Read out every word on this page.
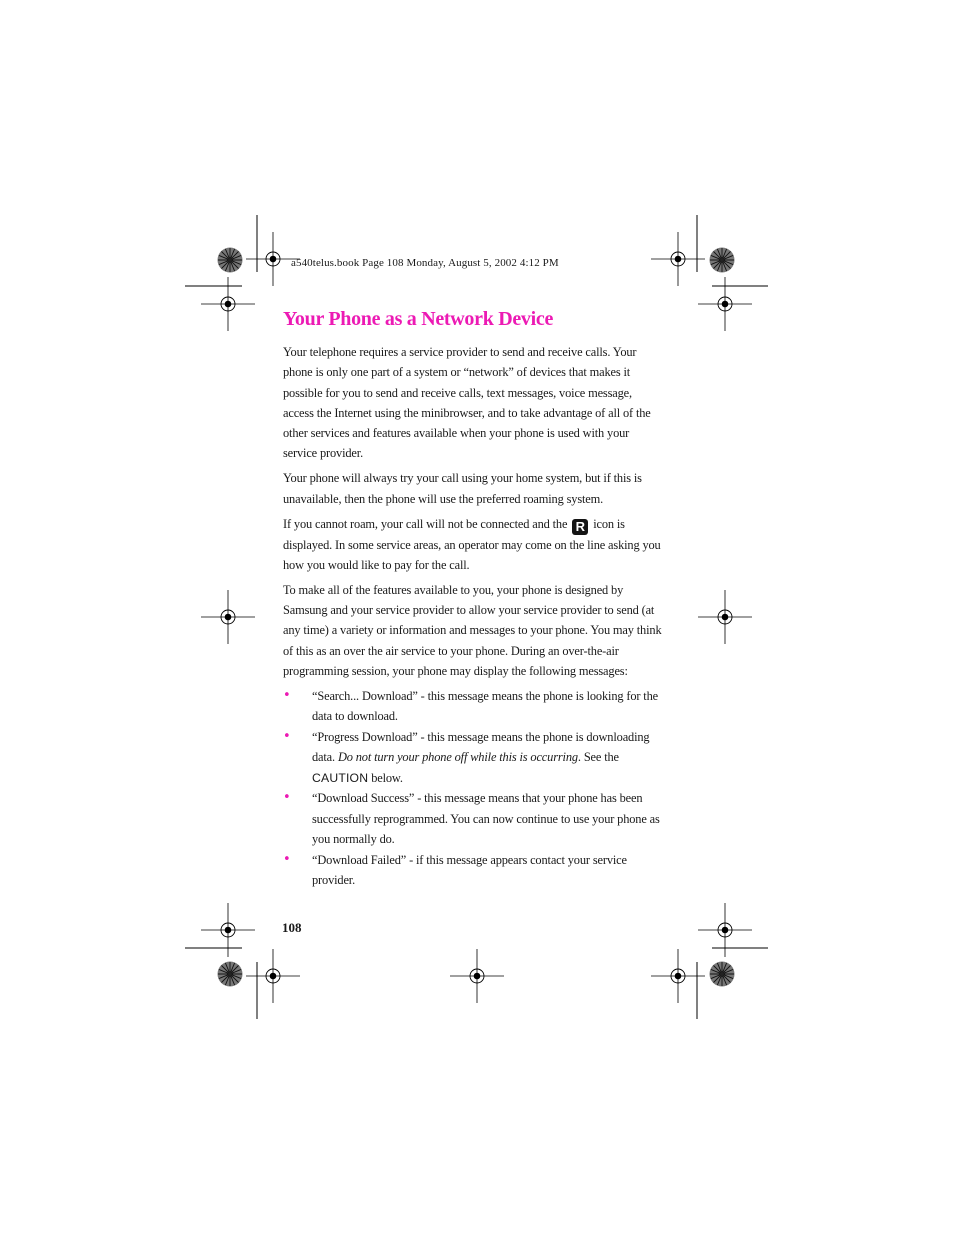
a540telus.book Page 108 Monday, August 5, 2002 4:12 PM
Your Phone as a Network Device

Your telephone requires a service provider to send and receive calls. Your phone is only one part of a system or “network” of devices that makes it possible for you to send and receive calls, text messages, voice message, access the Internet using the minibrowser, and to take advantage of all of the other services and features available when your phone is used with your service provider.

Your phone will always try your call using your home system, but if this is unavailable, then the phone will use the preferred roaming system.

If you cannot roam, your call will not be connected and the R icon is displayed. In some service areas, an operator may come on the line asking you how you would like to pay for the call.

To make all of the features available to you, your phone is designed by Samsung and your service provider to allow your service provider to send (at any time) a variety or information and messages to your phone. You may think of this as an over the air service to your phone. During an over-the-air programming session, your phone may display the following messages:

• “Search... Download” - this message means the phone is looking for the data to download.
• “Progress Download” - this message means the phone is downloading data. Do not turn your phone off while this is occurring. See the CAUTION below.
• “Download Success” - this message means that your phone has been successfully reprogrammed. You can now continue to use your phone as you normally do.
• “Download Failed” - if this message appears contact your service provider.
108
